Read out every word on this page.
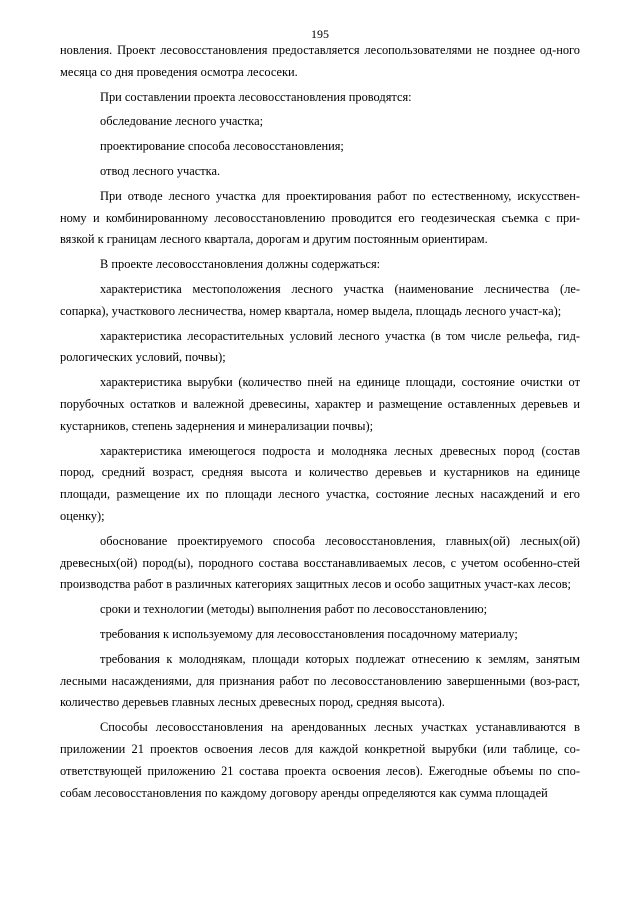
195

новления. Проект лесовосстановления предоставляется лесопользователями не позднее од-ного месяца со дня проведения осмотра лесосеки.

При составлении проекта лесовосстановления проводятся:

обследование лесного участка;

проектирование способа лесовосстановления;

отвод лесного участка.

При отводе лесного участка для проектирования работ по естественному, искусствен-ному и комбинированному лесовосстановлению проводится его геодезическая съемка с при-вязкой к границам лесного квартала, дорогам и другим постоянным ориентирам.

В проекте лесовосстановления должны содержаться:

характеристика местоположения лесного участка (наименование лесничества (ле-сопарка), участкового лесничества, номер квартала, номер выдела, площадь лесного участ-ка);

характеристика лесорастительных условий лесного участка (в том числе рельефа, гид-рологических условий, почвы);

характеристика вырубки (количество пней на единице площади, состояние очистки от порубочных остатков и валежной древесины, характер и размещение оставленных деревьев и кустарников, степень задернения и минерализации почвы);

характеристика имеющегося подроста и молодняка лесных древесных пород (состав пород, средний возраст, средняя высота и количество деревьев и кустарников на единице площади, размещение их по площади лесного участка, состояние лесных насаждений и его оценку);

обоснование проектируемого способа лесовосстановления, главных(ой) лесных(ой) древесных(ой) пород(ы), породного состава восстанавливаемых лесов, с учетом особенно-стей производства работ в различных категориях защитных лесов и особо защитных участ-ках лесов;

сроки и технологии (методы) выполнения работ по лесовосстановлению;

требования к используемому для лесовосстановления посадочному материалу;

требования к молоднякам, площади которых подлежат отнесению к землям, занятым лесными насаждениями, для признания работ по лесовосстановлению завершенными (воз-раст, количество деревьев главных лесных древесных пород, средняя высота).

Способы лесовосстановления на арендованных лесных участках устанавливаются в приложении 21 проектов освоения лесов для каждой конкретной вырубки (или таблице, со-ответствующей приложению 21 состава проекта освоения лесов). Ежегодные объемы по спо-собам лесовосстановления по каждому договору аренды определяются как сумма площадей
